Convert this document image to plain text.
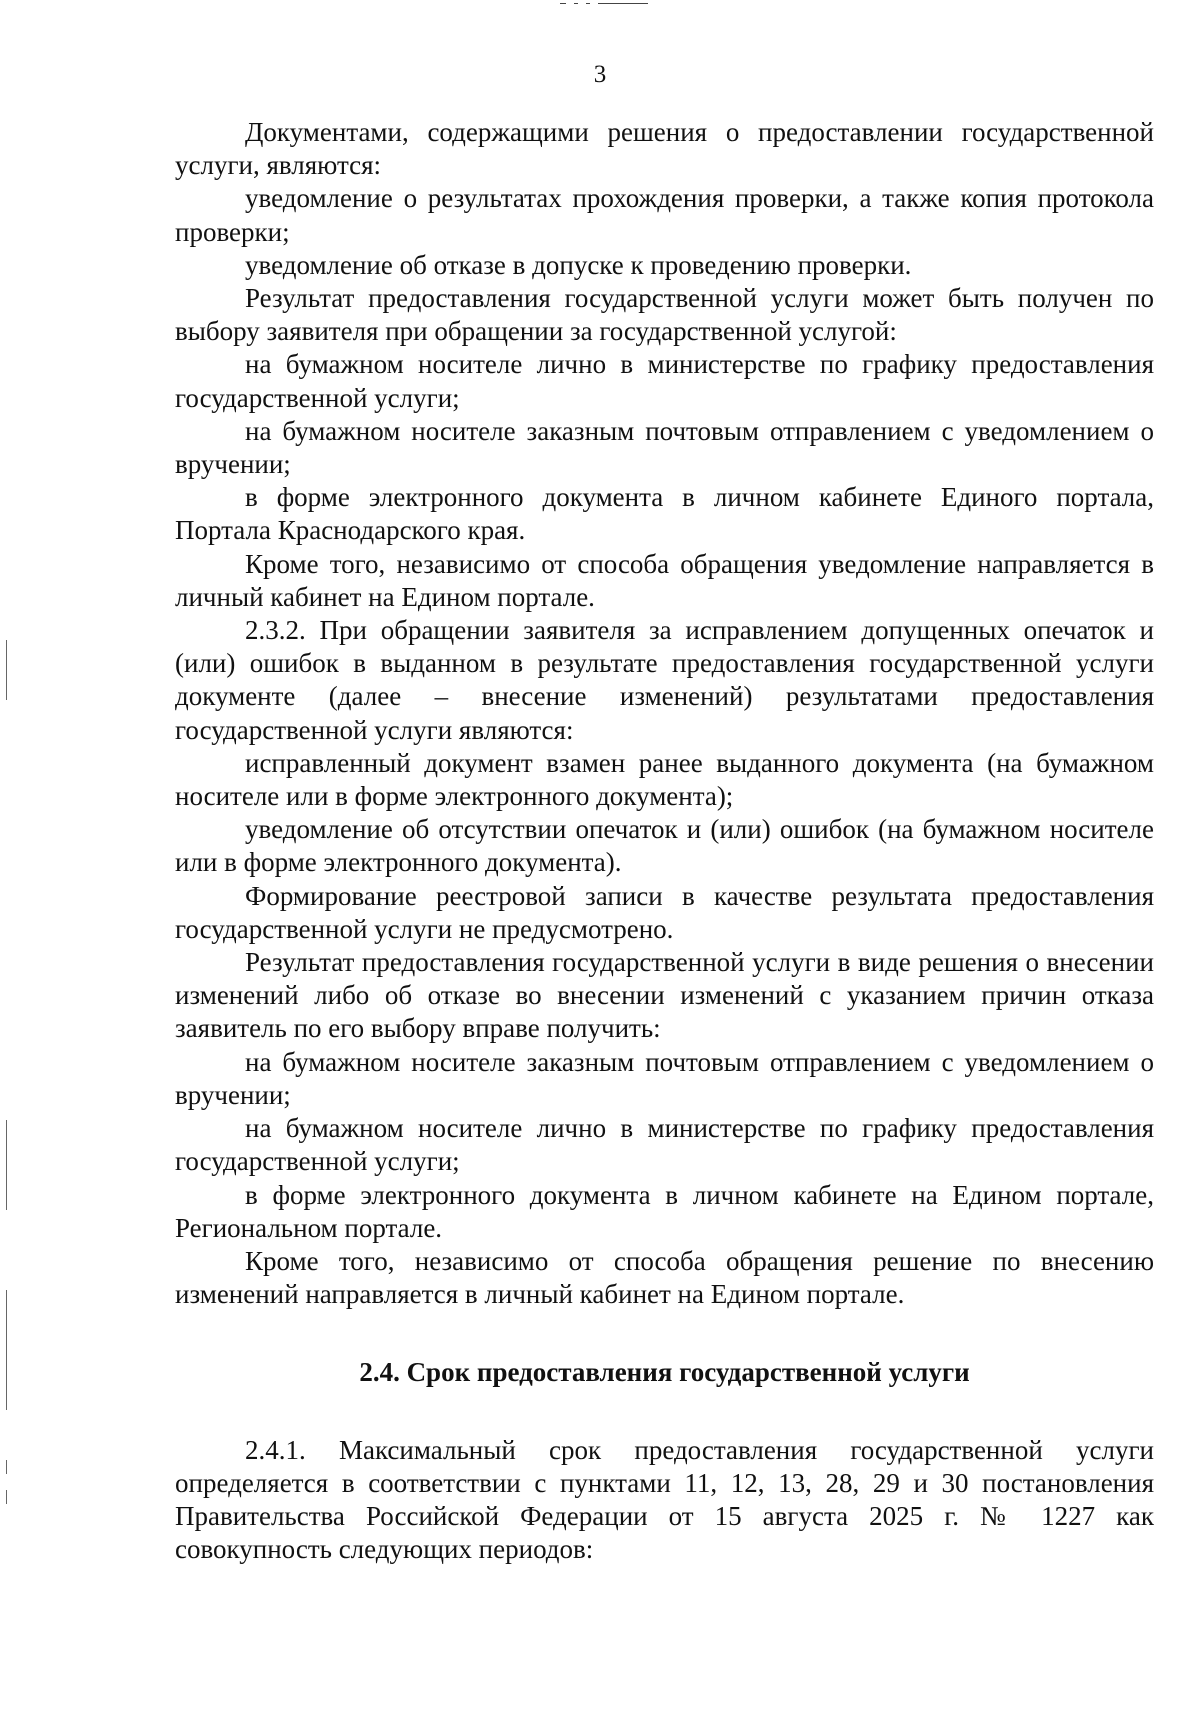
3

Документами, содержащими решения о предоставлении государственной услуги, являются:

уведомление о результатах прохождения проверки, а также копия протокола проверки;

уведомление об отказе в допуске к проведению проверки.

Результат предоставления государственной услуги может быть получен по выбору заявителя при обращении за государственной услугой:

на бумажном носителе лично в министерстве по графику предоставления государственной услуги;

на бумажном носителе заказным почтовым отправлением с уведомлением о вручении;

в форме электронного документа в личном кабинете Единого портала, Портала Краснодарского края.

Кроме того, независимо от способа обращения уведомление направляется в личный кабинет на Едином портале.

2.3.2. При обращении заявителя за исправлением допущенных опечаток и (или) ошибок в выданном в результате предоставления государственной услуги документе (далее – внесение изменений) результатами предоставления государственной услуги являются:

исправленный документ взамен ранее выданного документа (на бумажном носителе или в форме электронного документа);

уведомление об отсутствии опечаток и (или) ошибок (на бумажном носителе или в форме электронного документа).

Формирование реестровой записи в качестве результата предоставления государственной услуги не предусмотрено.

Результат предоставления государственной услуги в виде решения о внесении изменений либо об отказе во внесении изменений с указанием причин отказа заявитель по его выбору вправе получить:

на бумажном носителе заказным почтовым отправлением с уведомлением о вручении;

на бумажном носителе лично в министерстве по графику предоставления государственной услуги;

в форме электронного документа в личном кабинете на Едином портале, Региональном портале.

Кроме того, независимо от способа обращения решение по внесению изменений направляется в личный кабинет на Едином портале.

2.4. Срок предоставления государственной услуги

2.4.1. Максимальный срок предоставления государственной услуги определяется в соответствии с пунктами 11, 12, 13, 28, 29 и 30 постановления Правительства Российской Федерации от 15 августа 2025 г. № 1227 как совокупность следующих периодов:
